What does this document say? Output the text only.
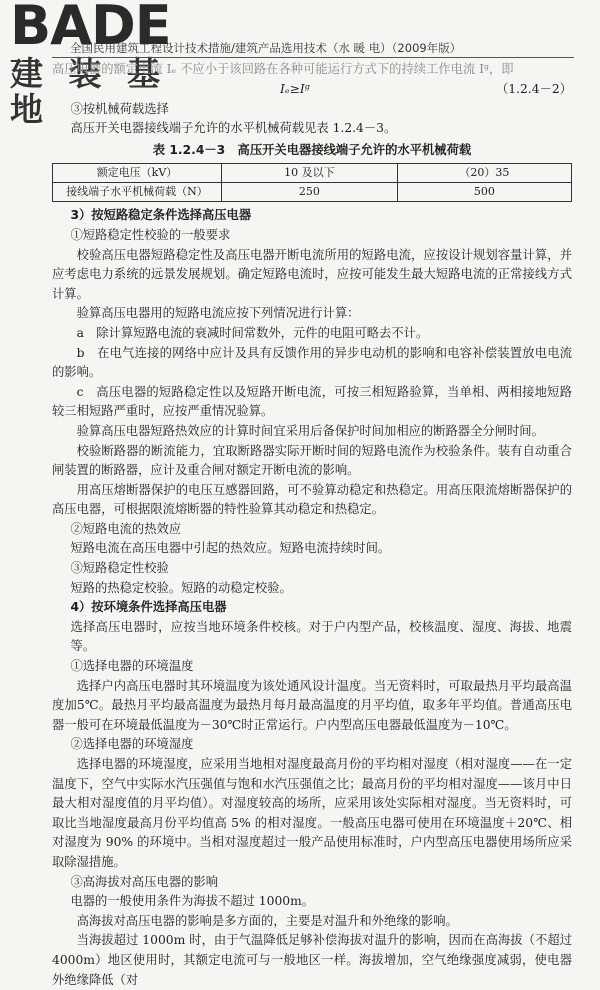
BADE
建 装 基 地
全国民用建筑工程设计技术措施/建筑产品选用技术（水 暖 电）（2009年版）

高压电器的额定电流 Iₑ 不应小于该回路在各种可能运行方式下的持续工作电流 Iᵍ，即

Iₑ≥Iᵍ	（1.2.4－2）

③按机械荷载选择

高压开关电器接线端子允许的水平机械荷载见表 1.2.4－3。

表 1.2.4－3　高压开关电器接线端子允许的水平机械荷载
额定电压（kV）	10 及以下	（20）35
接线端子水平机械荷载（N）	250	500

3）按短路稳定条件选择高压电器

①短路稳定性校验的一般要求

校验高压电器短路稳定性及高压电器开断电流所用的短路电流，应按设计规划容量计算，并应考虑电力系统的远景发展规划。确定短路电流时，应按可能发生最大短路电流的正常接线方式计算。

验算高压电器用的短路电流应按下列情况进行计算：

a　除计算短路电流的衰减时间常数外，元件的电阻可略去不计。

b　在电气连接的网络中应计及具有反馈作用的异步电动机的影响和电容补偿装置放电电流的影响。

c　高压电器的短路稳定性以及短路开断电流，可按三相短路验算，当单相、两相接地短路较三相短路严重时，应按严重情况验算。

验算高压电器短路热效应的计算时间宜采用后备保护时间加相应的断路器全分闸时间。

校验断路器的断流能力，宜取断路器实际开断时间的短路电流作为校验条件。装有自动重合闸装置的断路器，应计及重合闸对额定开断电流的影响。

用高压熔断器保护的电压互感器回路，可不验算动稳定和热稳定。用高压限流熔断器保护的高压电器，可根据限流熔断器的特性验算其动稳定和热稳定。

②短路电流的热效应

短路电流在高压电器中引起的热效应。短路电流持续时间。

③短路稳定性校验

短路的热稳定校验。短路的动稳定校验。

4）按环境条件选择高压电器

选择高压电器时，应按当地环境条件校核。对于户内型产品，校核温度、湿度、海拔、地震等。

①选择电器的环境温度

选择户内高压电器时其环境温度为该处通风设计温度。当无资料时，可取最热月平均最高温度加5℃。最热月平均最高温度为最热月每月最高温度的月平均值，取多年平均值。普通高压电器一般可在环境最低温度为－30℃时正常运行。户内型高压电器最低温度为－10℃。

②选择电器的环境湿度

选择电器的环境湿度，应采用当地相对湿度最高月份的平均相对湿度（相对湿度——在一定温度下，空气中实际水汽压强值与饱和水汽压强值之比；最高月份的平均相对湿度——该月中日最大相对湿度值的月平均值）。对湿度较高的场所，应采用该处实际相对湿度。当无资料时，可取比当地湿度最高月份平均值高 5% 的相对湿度。一般高压电器可使用在环境温度＋20℃、相对湿度为 90% 的环境中。当相对湿度超过一般产品使用标准时，户内型高压电器使用场所应采取除湿措施。

③高海拔对高压电器的影响

电器的一般使用条件为海拔不超过 1000m。

高海拔对高压电器的影响是多方面的，主要是对温升和外绝缘的影响。

当海拔超过 1000m 时，由于气温降低足够补偿海拔对温升的影响，因而在高海拔（不超过 4000m）地区使用时，其额定电流可与一般地区一样。海拔增加，空气绝缘强度减弱，使电器外绝缘降低（对
